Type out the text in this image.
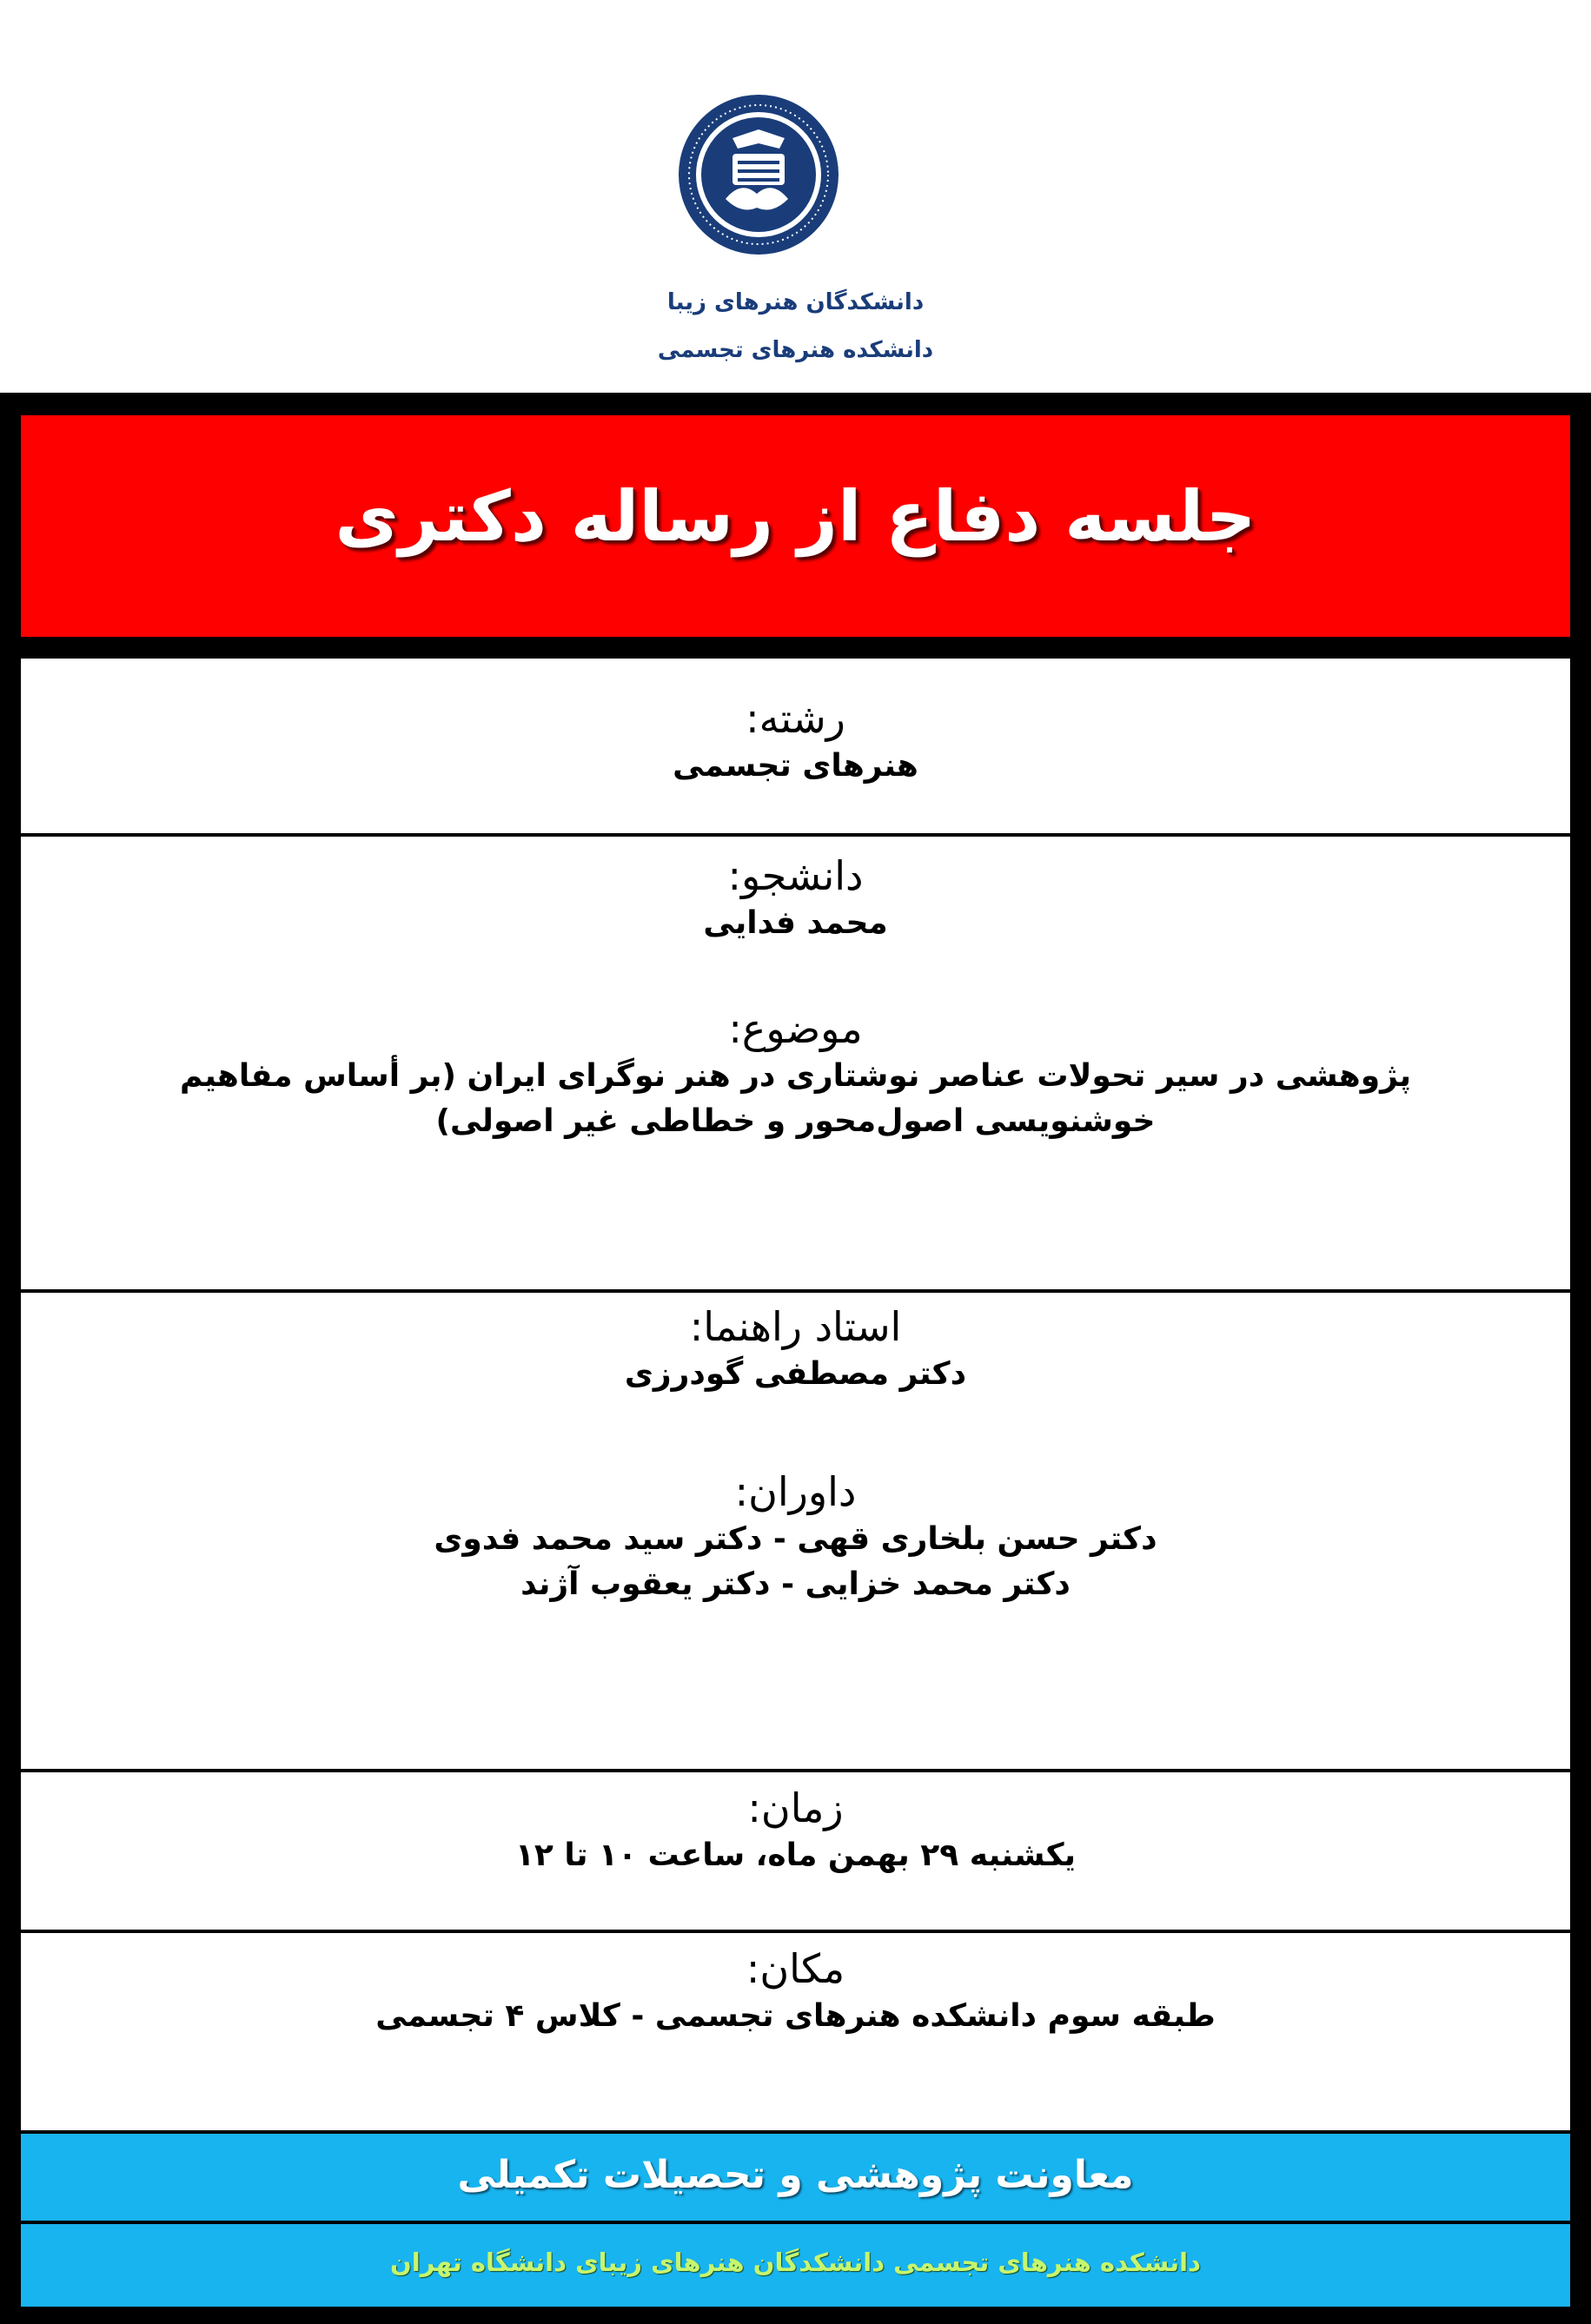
دانشکدگان هنرهای زیبا
دانشکده هنرهای تجسمی
جلسه دفاع از رساله دکتری
رشته:
هنرهای تجسمی
دانشجو:
محمد فدایی
موضوع:
پژوهشی در سیر تحولات عناصر نوشتاری در هنر نوگرای ایران (بر أساس مفاهیم
خوشنویسی اصول‌محور و خطاطی غیر اصولی)
استاد راهنما:
دکتر مصطفی گودرزی
داوران:
دکتر حسن بلخاری قهی - دکتر سید محمد فدوی
دکتر محمد خزایی - دکتر یعقوب آژند
زمان:
یکشنبه ۲۹ بهمن ماه، ساعت ۱۰ تا ۱۲
مکان:
طبقه سوم دانشکده هنرهای تجسمی - کلاس ۴ تجسمی
معاونت پژوهشی و تحصیلات تکمیلی
دانشکده هنرهای تجسمی دانشکدگان هنرهای زیبای دانشگاه تهران
